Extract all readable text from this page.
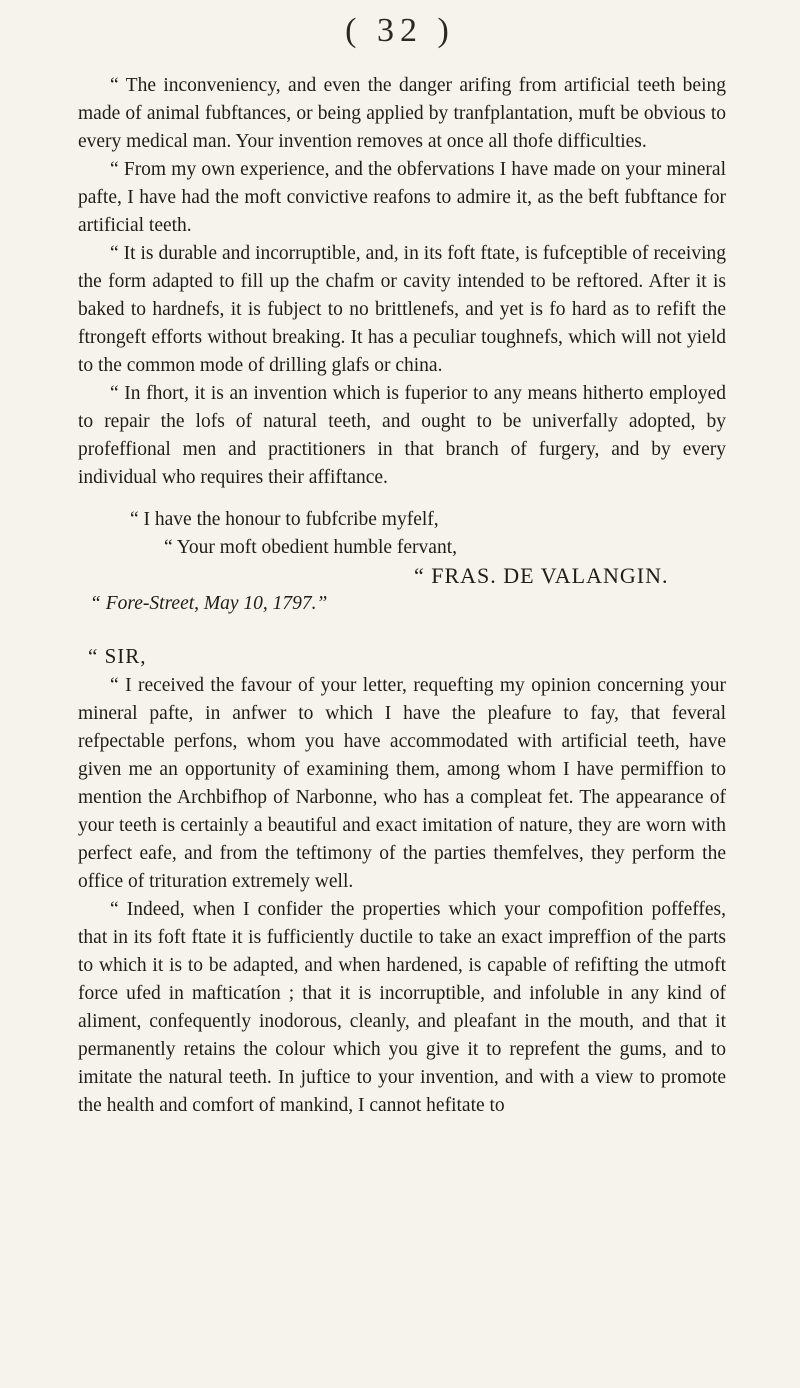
( 32 )

“ The inconveniency, and even the danger arifing from artificial teeth being made of animal fubftances, or being applied by tranfplantation, muft be obvious to every medical man. Your invention removes at once all thofe difficulties.

“ From my own experience, and the obfervations I have made on your mineral pafte, I have had the moft convictive reafons to admire it, as the beft fubftance for artificial teeth.

“ It is durable and incorruptible, and, in its foft ftate, is fufceptible of receiving the form adapted to fill up the chafm or cavity intended to be reftored. After it is baked to hardnefs, it is fubject to no brittlenefs, and yet is fo hard as to refift the ftrongeft efforts without breaking. It has a peculiar toughnefs, which will not yield to the common mode of drilling glafs or china.

“ In fhort, it is an invention which is fuperior to any means hitherto employed to repair the lofs of natural teeth, and ought to be univerfally adopted, by profeffional men and practitioners in that branch of furgery, and by every individual who requires their affiftance.

“ I have the honour to fubfcribe myfelf,

“ Your moft obedient humble fervant,

“ FRAS. DE VALANGIN.

“ Fore-Street, May 10, 1797.”

“ SIR,

“ I received the favour of your letter, requefting my opinion concerning your mineral pafte, in anfwer to which I have the pleafure to fay, that feveral refpectable perfons, whom you have accommodated with artificial teeth, have given me an opportunity of examining them, among whom I have permiffion to mention the Archbifhop of Narbonne, who has a compleat fet. The appearance of your teeth is certainly a beautiful and exact imitation of nature, they are worn with perfect eafe, and from the teftimony of the parties themfelves, they perform the office of trituration extremely well.

“ Indeed, when I confider the properties which your compofition poffeffes, that in its foft ftate it is fufficiently ductile to take an exact impreffion of the parts to which it is to be adapted, and when hardened, is capable of refifting the utmoft force ufed in mafticatíon ; that it is incorruptible, and infoluble in any kind of aliment, confequently inodorous, cleanly, and pleafant in the mouth, and that it permanently retains the colour which you give it to reprefent the gums, and to imitate the natural teeth. In juftice to your invention, and with a view to promote the health and comfort of mankind, I cannot hefitate to
